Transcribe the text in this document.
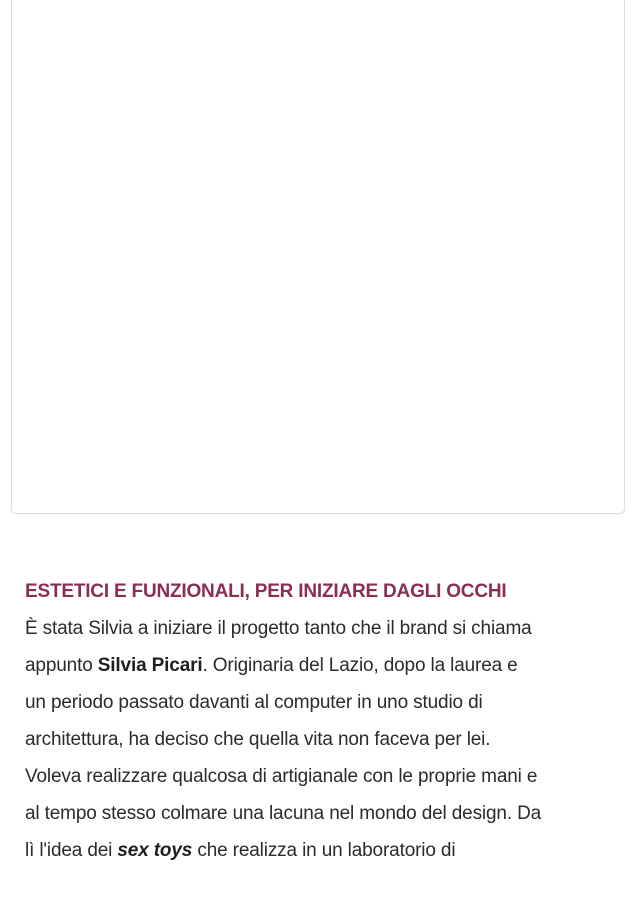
ESTETICI E FUNZIONALI, PER INIZIARE DAGLI OCCHI

È stata Silvia a iniziare il progetto tanto che il brand si chiama
appunto Silvia Picari. Originaria del Lazio, dopo la laurea e
un periodo passato davanti al computer in uno studio di
architettura, ha deciso che quella vita non faceva per lei.
Voleva realizzare qualcosa di artigianale con le proprie mani e
al tempo stesso colmare una lacuna nel mondo del design. Da
lì l'idea dei sex toys che realizza in un laboratorio di
